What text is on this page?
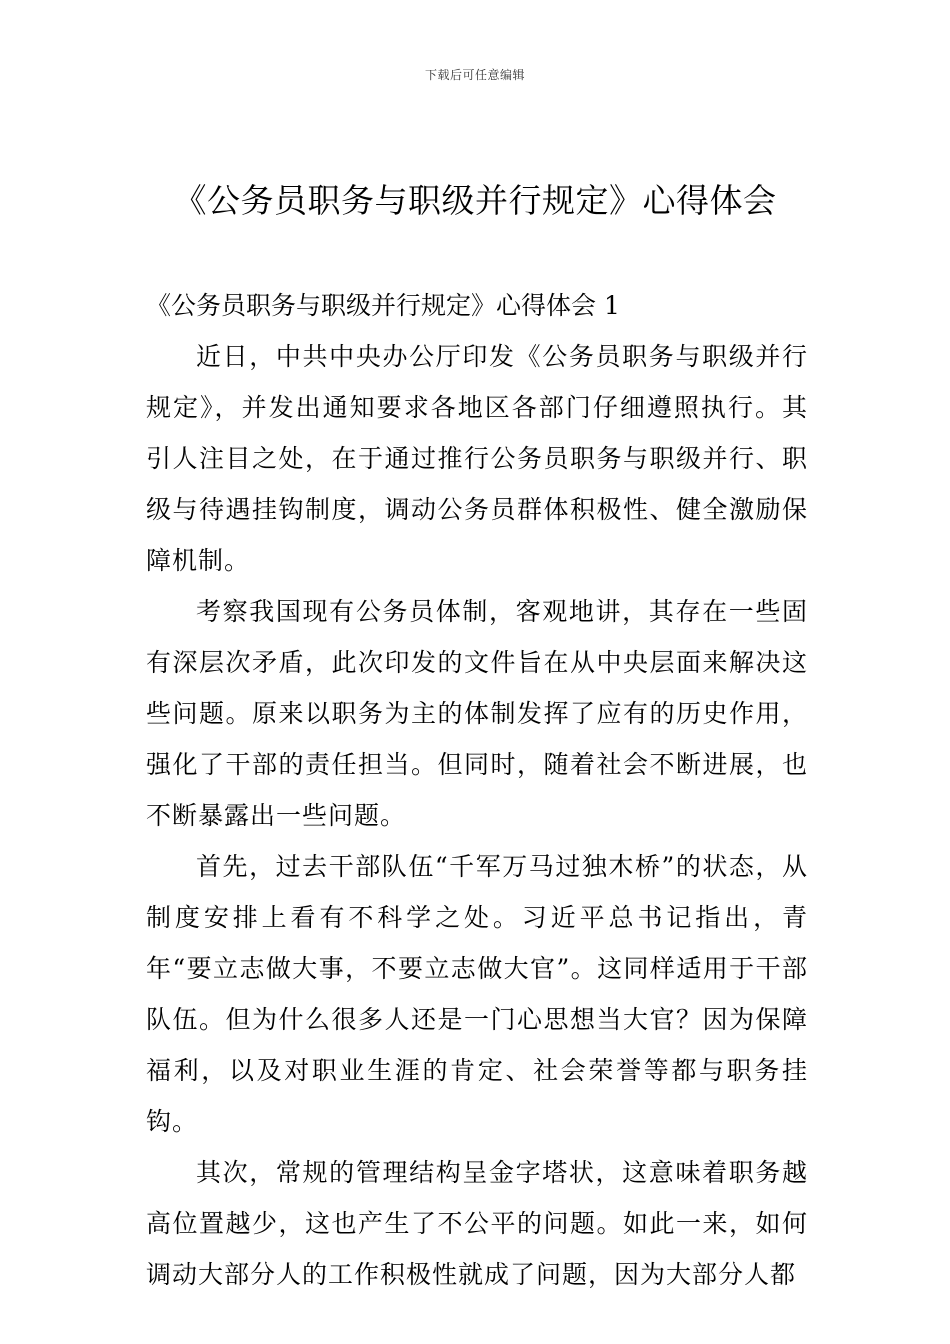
下载后可任意编辑
《公务员职务与职级并行规定》心得体会

《公务员职务与职级并行规定》心得体会 1

近日，中共中央办公厅印发《公务员职务与职级并行规定》，并发出通知要求各地区各部门仔细遵照执行。其引人注目之处，在于通过推行公务员职务与职级并行、职级与待遇挂钩制度，调动公务员群体积极性、健全激励保障机制。

考察我国现有公务员体制，客观地讲，其存在一些固有深层次矛盾，此次印发的文件旨在从中央层面来解决这些问题。原来以职务为主的体制发挥了应有的历史作用，强化了干部的责任担当。但同时，随着社会不断进展，也不断暴露出一些问题。

首先，过去干部队伍“千军万马过独木桥”的状态，从制度安排上看有不科学之处。习近平总书记指出，青年“要立志做大事，不要立志做大官”。这同样适用于干部队伍。但为什么很多人还是一门心思想当大官？因为保障福利，以及对职业生涯的肯定、社会荣誉等都与职务挂钩。

其次，常规的管理结构呈金字塔状，这意味着职务越高位置越少，这也产生了不公平的问题。如此一来，如何调动大部分人的工作积极性就成了问题，因为大部分人都
